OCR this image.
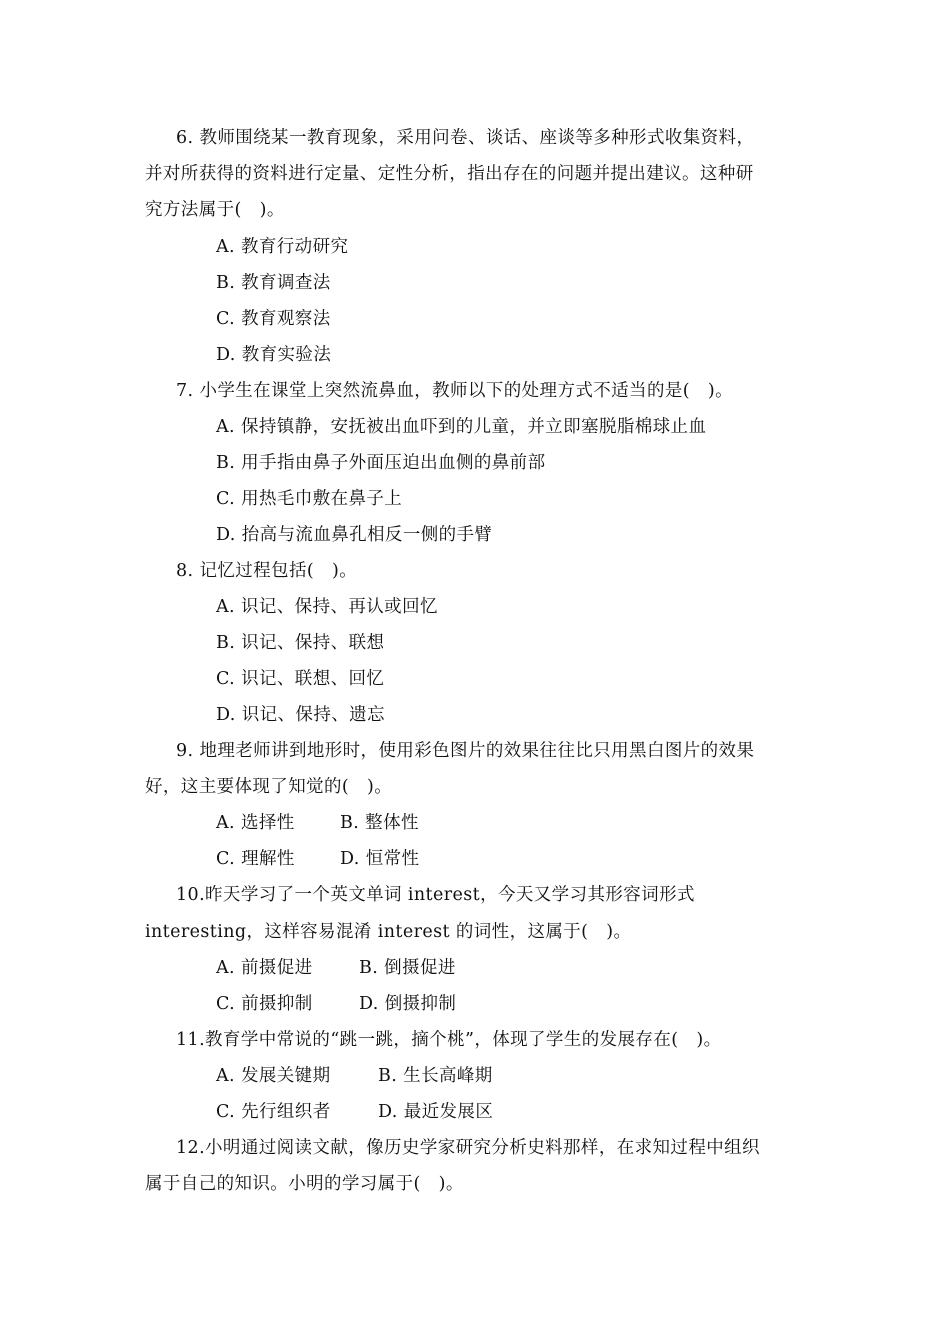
6. 教师围绕某一教育现象，采用问卷、谈话、座谈等多种形式收集资料，
并对所获得的资料进行定量、定性分析，指出存在的问题并提出建议。这种研
究方法属于(　)。
A. 教育行动研究
B. 教育调查法
C. 教育观察法
D. 教育实验法
7. 小学生在课堂上突然流鼻血，教师以下的处理方式不适当的是(　)。
A. 保持镇静，安抚被出血吓到的儿童，并立即塞脱脂棉球止血
B. 用手指由鼻子外面压迫出血侧的鼻前部
C. 用热毛巾敷在鼻子上
D. 抬高与流血鼻孔相反一侧的手臂
8. 记忆过程包括(　)。
A. 识记、保持、再认或回忆
B. 识记、保持、联想
C. 识记、联想、回忆
D. 识记、保持、遗忘
9. 地理老师讲到地形时，使用彩色图片的效果往往比只用黑白图片的效果
好，这主要体现了知觉的(　)。
A. 选择性	B. 整体性
C. 理解性	D. 恒常性
10.昨天学习了一个英文单词 interest，今天又学习其形容词形式
interesting，这样容易混淆 interest 的词性，这属于(　)。
A. 前摄促进	B. 倒摄促进
C. 前摄抑制	D. 倒摄抑制
11.教育学中常说的“跳一跳，摘个桃”，体现了学生的发展存在(　)。
A. 发展关键期	B. 生长高峰期
C. 先行组织者	D. 最近发展区
12.小明通过阅读文献，像历史学家研究分析史料那样，在求知过程中组织
属于自己的知识。小明的学习属于(　)。
